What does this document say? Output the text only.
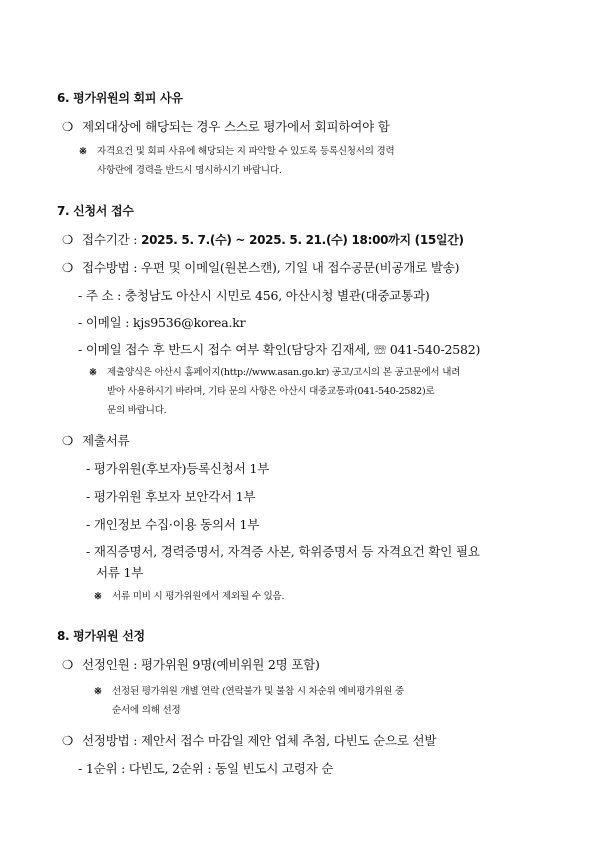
6. 평가위원의 회피 사유
❍ 제외대상에 해당되는 경우 스스로 평가에서 회피하여야 함
※ 자격요건 및 회피 사유에 해당되는 지 파악할 수 있도록 등록신청서의 경력
사항란에 경력을 반드시 명시하시기 바랍니다.
7. 신청서 접수
❍ 접수기간 : 2025. 5. 7.(수) ~ 2025. 5. 21.(수) 18:00까지 (15일간)
❍ 접수방법 : 우편 및 이메일(원본스캔), 기일 내 접수공문(비공개로 발송)
- 주 소 : 충청남도 아산시 시민로 456, 아산시청 별관(대중교통과)
- 이메일 : kjs9536@korea.kr
- 이메일 접수 후 반드시 접수 여부 확인(담당자 김재세, ☏ 041-540-2582)
※ 제출양식은 아산시 홈페이지(http://www.asan.go.kr) 공고/고시의 본 공고문에서 내려
받아 사용하시기 바라며, 기타 문의 사항은 아산시 대중교통과(041-540-2582)로
문의 바랍니다.
❍ 제출서류
- 평가위원(후보자)등록신청서 1부
- 평가위원 후보자 보안각서 1부
- 개인정보 수집·이용 동의서 1부
- 재직증명서, 경력증명서, 자격증 사본, 학위증명서 등 자격요건 확인 필요
서류 1부
※ 서류 미비 시 평가위원에서 제외될 수 있음.
8. 평가위원 선정
❍ 선정인원 : 평가위원 9명(예비위원 2명 포함)
※ 선정된 평가위원 개별 연락 (연락불가 및 불참 시 차순위 예비평가위원 중
순서에 의해 선정
❍ 선정방법 : 제안서 접수 마감일 제안 업체 추첨, 다빈도 순으로 선발
- 1순위 : 다빈도, 2순위 : 동일 빈도시 고령자 순
